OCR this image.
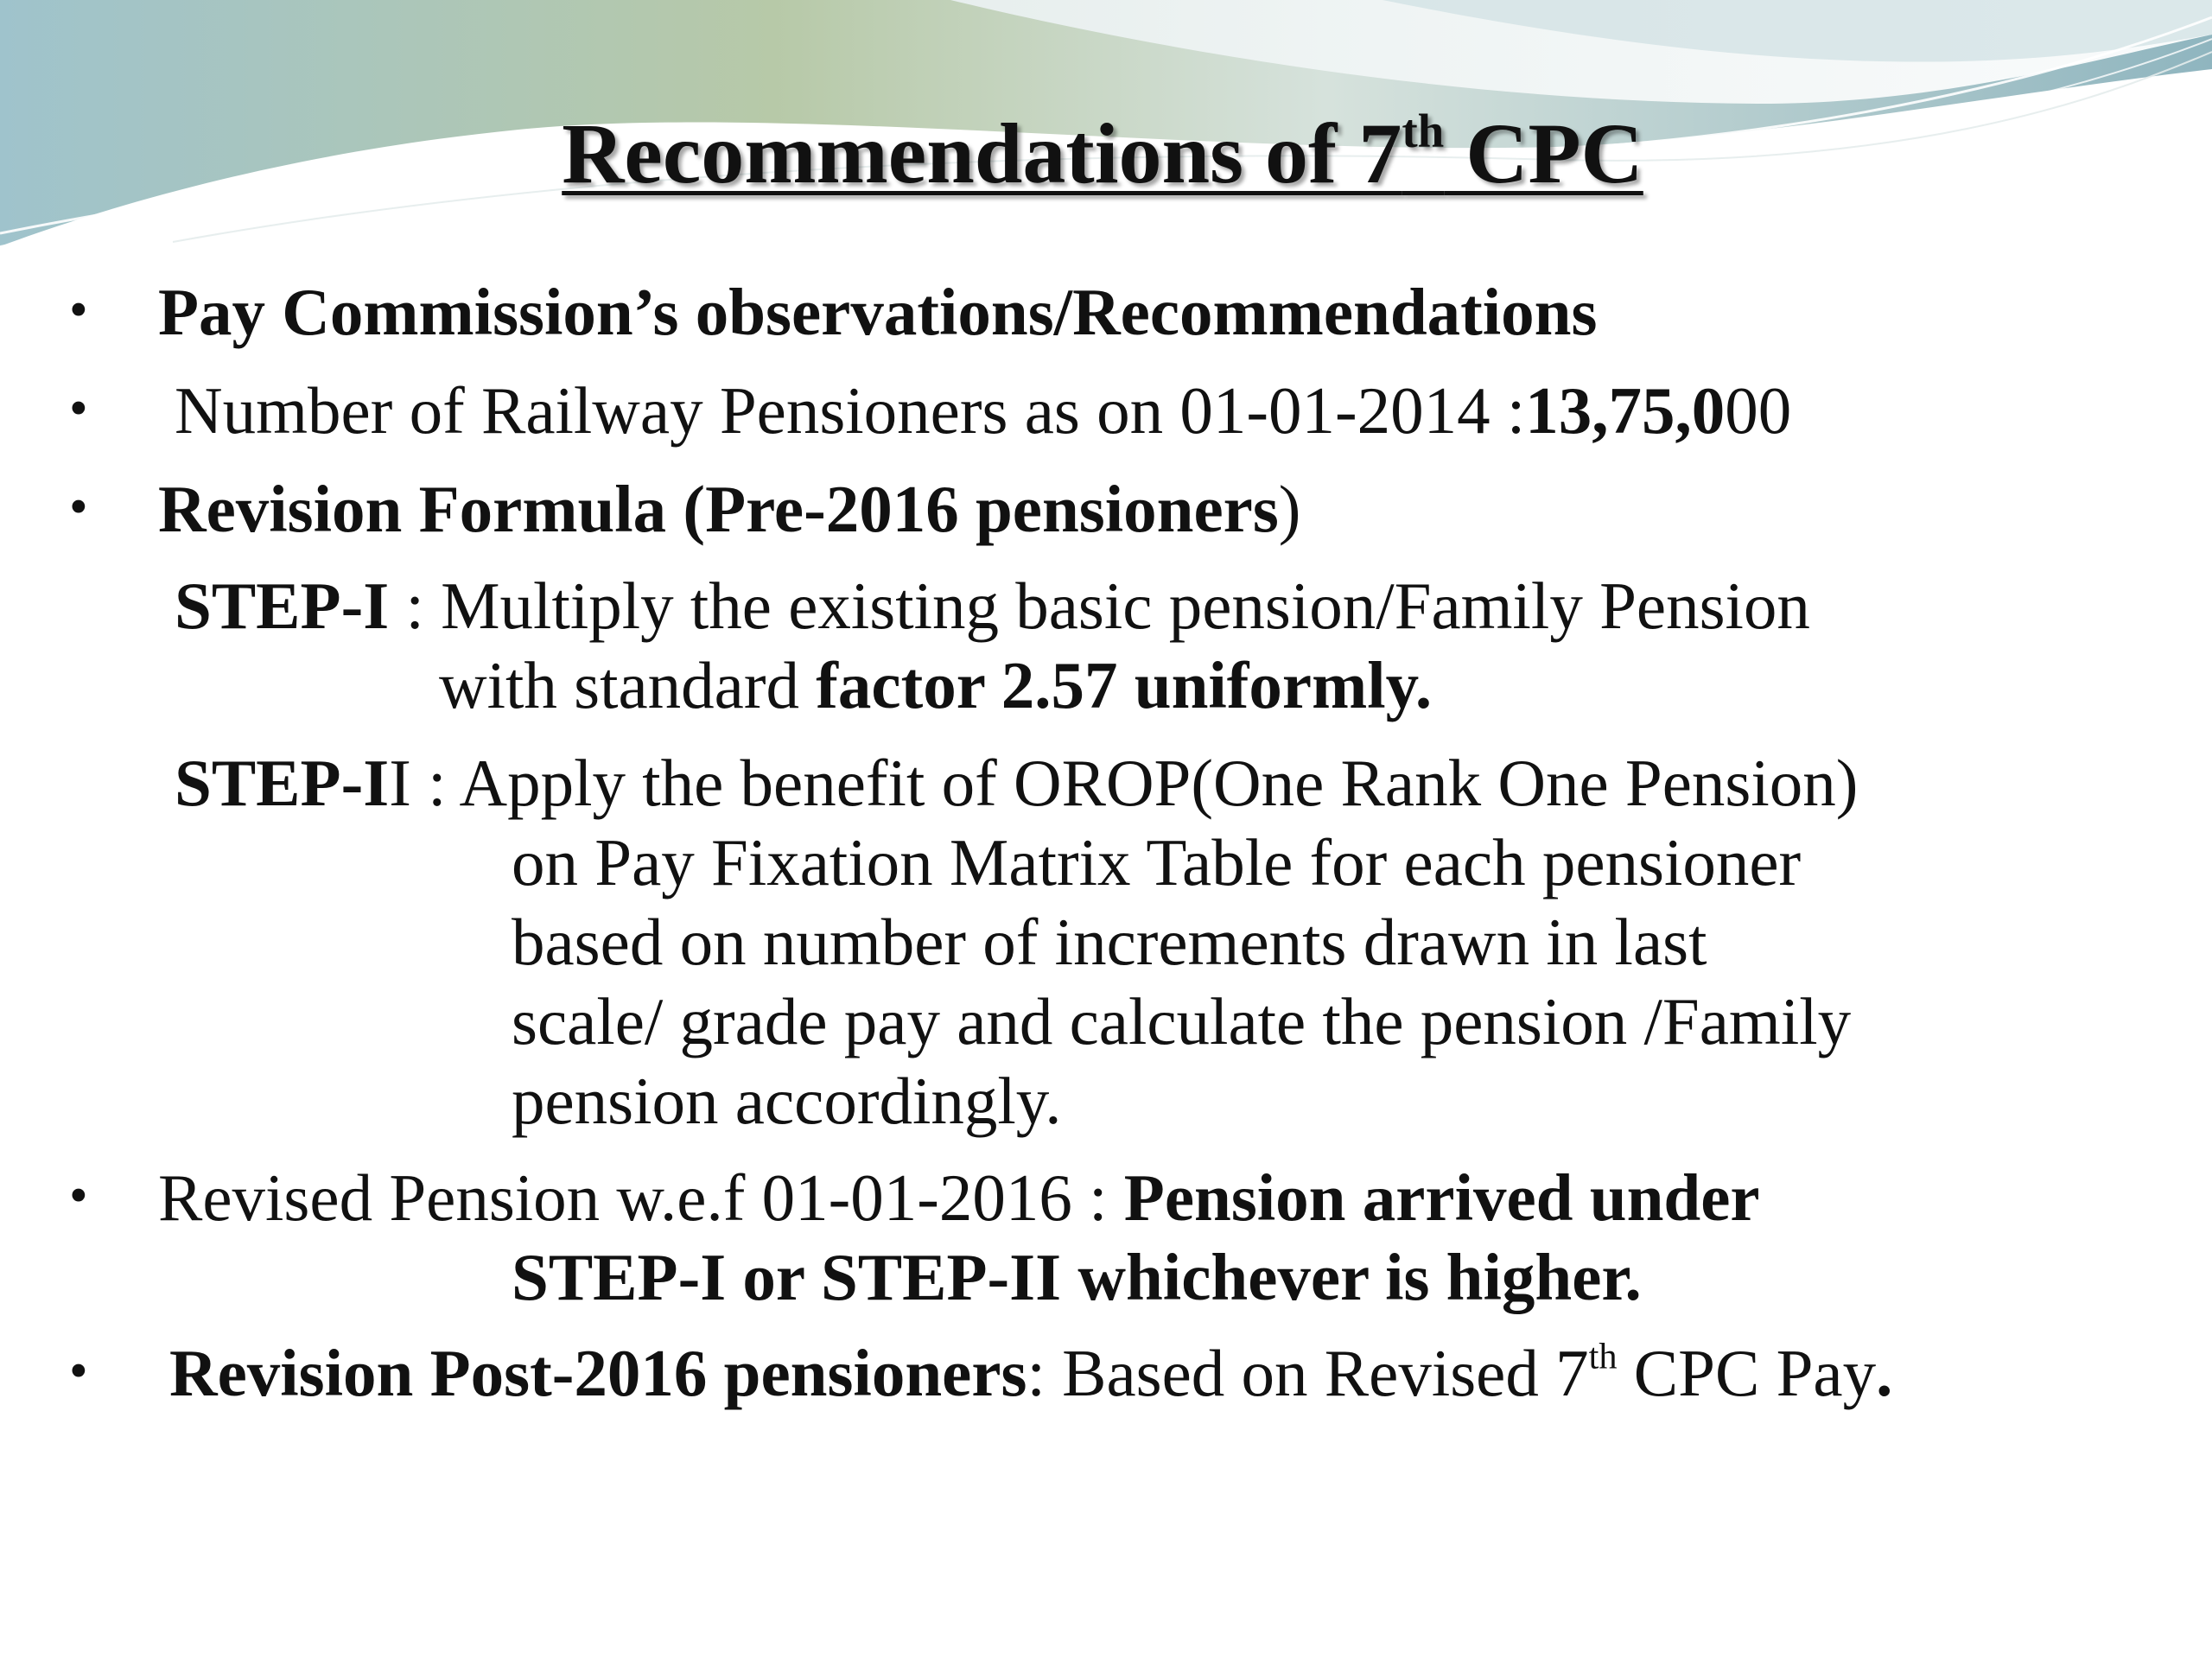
Recommendations of 7th CPC
• Pay Commission’s observations/Recommendations

• Number of Railway Pensioners as on 01-01-2014 :13,75,000

• Revision Formula (Pre-2016 pensioners)

STEP-I : Multiply the existing basic pension/Family Pension

with standard factor 2.57 uniformly.

STEP-II : Apply the benefit of OROP(One Rank One Pension)

on Pay Fixation Matrix Table for each pensioner

based on number of increments drawn in last

scale/ grade pay and calculate the pension /Family

pension accordingly.

• Revised Pension w.e.f 01-01-2016 : Pension arrived under

STEP-I or STEP-II whichever is higher.

• Revision Post-2016 pensioners: Based on Revised 7th CPC Pay.
